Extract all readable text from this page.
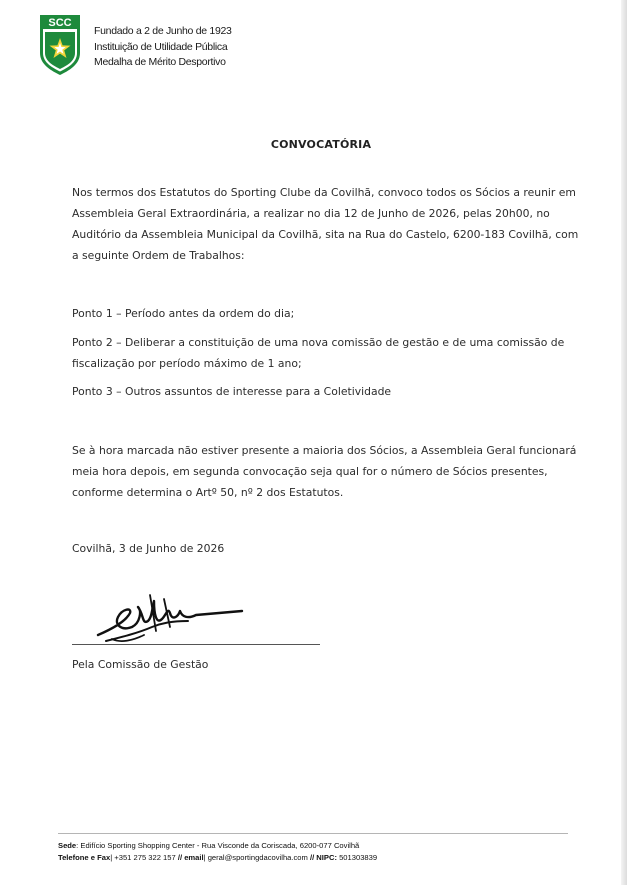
SCC
Fundado a 2 de Junho de 1923
Instituição de Utilidade Pública
Medalha de Mérito Desportivo
CONVOCATÓRIA
Nos termos dos Estatutos do Sporting Clube da Covilhã, convoco todos os Sócios a reunir em
Assembleia Geral Extraordinária, a realizar no dia 12 de Junho de 2026, pelas 20h00, no
Auditório da Assembleia Municipal da Covilhã, sita na Rua do Castelo, 6200-183 Covilhã, com
a seguinte Ordem de Trabalhos:
Ponto 1 – Período antes da ordem do dia;
Ponto 2 – Deliberar a constituição de uma nova comissão de gestão e de uma comissão de
fiscalização por período máximo de 1 ano;
Ponto 3 – Outros assuntos de interesse para a Coletividade
Se à hora marcada não estiver presente a maioria dos Sócios, a Assembleia Geral funcionará
meia hora depois, em segunda convocação seja qual for o número de Sócios presentes,
conforme determina o Artº 50, nº 2 dos Estatutos.
Covilhã, 3 de Junho de 2026
Pela Comissão de Gestão
Sede: Edifício Sporting Shopping Center - Rua Visconde da Coriscada, 6200-077 Covilhã
Telefone e Fax| +351 275 322 157 // email| geral@sportingdacovilha.com // NIPC: 501303839
